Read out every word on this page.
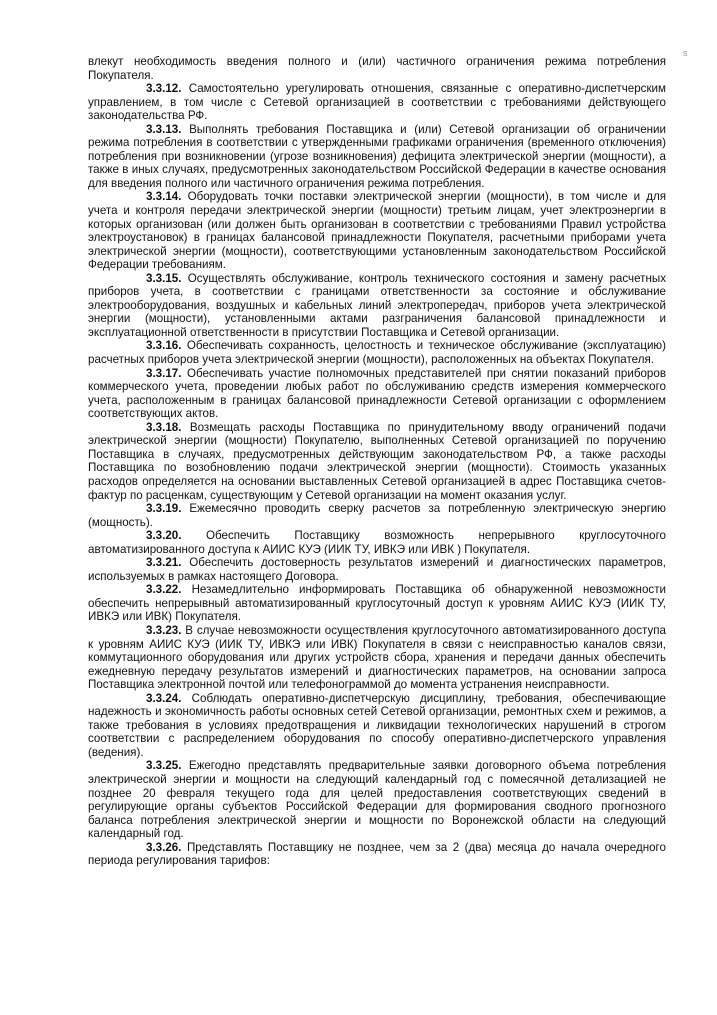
s

влекут необходимость введения полного и (или) частичного ограничения режима потребления Покупателя.

3.3.12. Самостоятельно урегулировать отношения, связанные с оперативно-диспетчерским управлением, в том числе с Сетевой организацией в соответствии с требованиями действующего законодательства РФ.

3.3.13. Выполнять требования Поставщика и (или) Сетевой организации об ограничении режима потребления в соответствии с утвержденными графиками ограничения (временного отключения) потребления при возникновении (угрозе возникновения) дефицита электрической энергии (мощности), а также в иных случаях, предусмотренных законодательством Российской Федерации в качестве основания для введения полного или частичного ограничения режима потребления.

3.3.14. Оборудовать точки поставки электрической энергии (мощности), в том числе и для учета и контроля передачи электрической энергии (мощности) третьим лицам, учет электроэнергии в которых организован (или должен быть организован в соответствии с требованиями Правил устройства электроустановок) в границах балансовой принадлежности Покупателя, расчетными приборами учета электрической энергии (мощности), соответствующими установленным законодательством Российской Федерации требованиям.

3.3.15. Осуществлять обслуживание, контроль технического состояния и замену расчетных приборов учета, в соответствии с границами ответственности за состояние и обслуживание электрооборудования, воздушных и кабельных линий электропередач, приборов учета электрической энергии (мощности), установленными актами разграничения балансовой принадлежности и эксплуатационной ответственности в присутствии Поставщика и Сетевой организации.

3.3.16. Обеспечивать сохранность, целостность и техническое обслуживание (эксплуатацию) расчетных приборов учета электрической энергии (мощности), расположенных на объектах Покупателя.

3.3.17. Обеспечивать участие полномочных представителей при снятии показаний приборов коммерческого учета, проведении любых работ по обслуживанию средств измерения коммерческого учета, расположенным в границах балансовой принадлежности Сетевой организации с оформлением соответствующих актов.

3.3.18. Возмещать расходы Поставщика по принудительному вводу ограничений подачи электрической энергии (мощности) Покупателю, выполненных Сетевой организацией по поручению Поставщика в случаях, предусмотренных действующим законодательством РФ, а также расходы Поставщика по возобновлению подачи электрической энергии (мощности). Стоимость указанных расходов определяется на основании выставленных Сетевой организацией в адрес Поставщика счетов-фактур по расценкам, существующим у Сетевой организации на момент оказания услуг.

3.3.19. Ежемесячно проводить сверку расчетов за потребленную электрическую энергию (мощность).

3.3.20. Обеспечить Поставщику возможность непрерывного круглосуточного автоматизированного доступа к АИИС КУЭ (ИИК ТУ, ИВКЭ или ИВК ) Покупателя.

3.3.21. Обеспечить достоверность результатов измерений и диагностических параметров, используемых в рамках настоящего Договора.

3.3.22. Незамедлительно информировать Поставщика об обнаруженной невозможности обеспечить непрерывный автоматизированный круглосуточный доступ к уровням АИИС КУЭ (ИИК ТУ, ИВКЭ или ИВК) Покупателя.

3.3.23. В случае невозможности осуществления круглосуточного автоматизированного доступа к уровням АИИС КУЭ (ИИК ТУ, ИВКЭ или ИВК) Покупателя в связи с неисправностью каналов связи, коммутационного оборудования или других устройств сбора, хранения и передачи данных обеспечить ежедневную передачу результатов измерений и диагностических параметров, на основании запроса Поставщика электронной почтой или телефонограммой до момента устранения неисправности.

3.3.24. Соблюдать оперативно-диспетчерскую дисциплину, требования, обеспечивающие надежность и экономичность работы основных сетей Сетевой организации, ремонтных схем и режимов, а также требования в условиях предотвращения и ликвидации технологических нарушений в строгом соответствии с распределением оборудования по способу оперативно-диспетчерского управления (ведения).

3.3.25. Ежегодно представлять предварительные заявки договорного объема потребления электрической энергии и мощности на следующий календарный год с помесячной детализацией не позднее 20 февраля текущего года для целей предоставления соответствующих сведений в регулирующие органы субъектов Российской Федерации для формирования сводного прогнозного баланса потребления электрической энергии и мощности по Воронежской области на следующий календарный год.

3.3.26. Представлять Поставщику не позднее, чем за 2 (два) месяца до начала очередного периода регулирования тарифов:
